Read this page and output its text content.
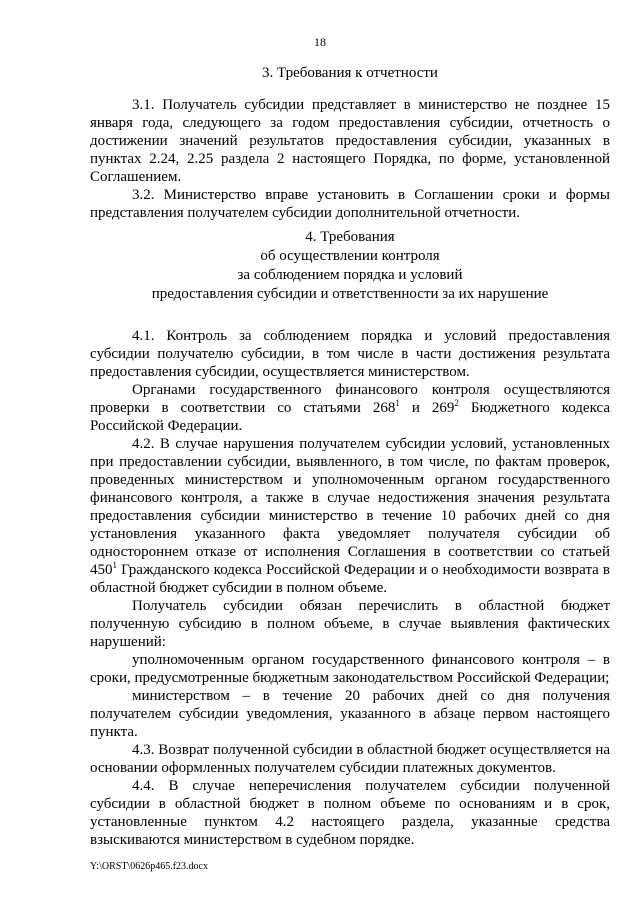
18
3. Требования к отчетности

3.1. Получатель субсидии представляет в министерство не позднее 15 января года, следующего за годом предоставления субсидии, отчетность о достижении значений результатов предоставления субсидии, указанных в пунктах 2.24, 2.25 раздела 2 настоящего Порядка, по форме, установленной Соглашением.

3.2. Министерство вправе установить в Соглашении сроки и формы представления получателем субсидии дополнительной отчетности.

4.1. Контроль за соблюдением порядка и условий предоставления субсидии получателю субсидии, в том числе в части достижения результата предоставления субсидии, осуществляется министерством.

Органами государственного финансового контроля осуществляются проверки в соответствии со статьями $268^1$ и $269^2$ Бюджетного кодекса Российской Федерации.

4.2. В случае нарушения получателем субсидии условий, установленных при предоставлении субсидии, выявленного, в том числе, по фактам проверок, проведенных министерством и уполномоченным органом государственного финансового контроля, а также в случае недостижения значения результата предоставления субсидии министерство в течение 10 рабочих дней со дня установления указанного факта уведомляет получателя субсидии об одностороннем отказе от исполнения Соглашения в соответствии со статьей $450^1$ Гражданского кодекса Российской Федерации и о необходимости возврата в областной бюджет субсидии в полном объеме.

Получатель субсидии обязан перечислить в областной бюджет полученную субсидию в полном объеме, в случае выявления фактических нарушений:

уполномоченным органом государственного финансового контроля – в сроки, предусмотренные бюджетным законодательством Российской Федерации;

министерством – в течение 20 рабочих дней со дня получения получателем субсидии уведомления, указанного в абзаце первом настоящего пункта.

4.3. Возврат полученной субсидии в областной бюджет осуществляется на основании оформленных получателем субсидии платежных документов.

4.4. В случае неперечисления получателем субсидии полученной субсидии в областной бюджет в полном объеме по основаниям и в срок, установленные пунктом 4.2 настоящего раздела, указанные средства взыскиваются министерством в судебном порядке.

4. Требования
об осуществлении контроля
за соблюдением порядка и условий
предоставления субсидии и ответственности за их нарушение
Y:\ORST\0626p465.f23.docx
